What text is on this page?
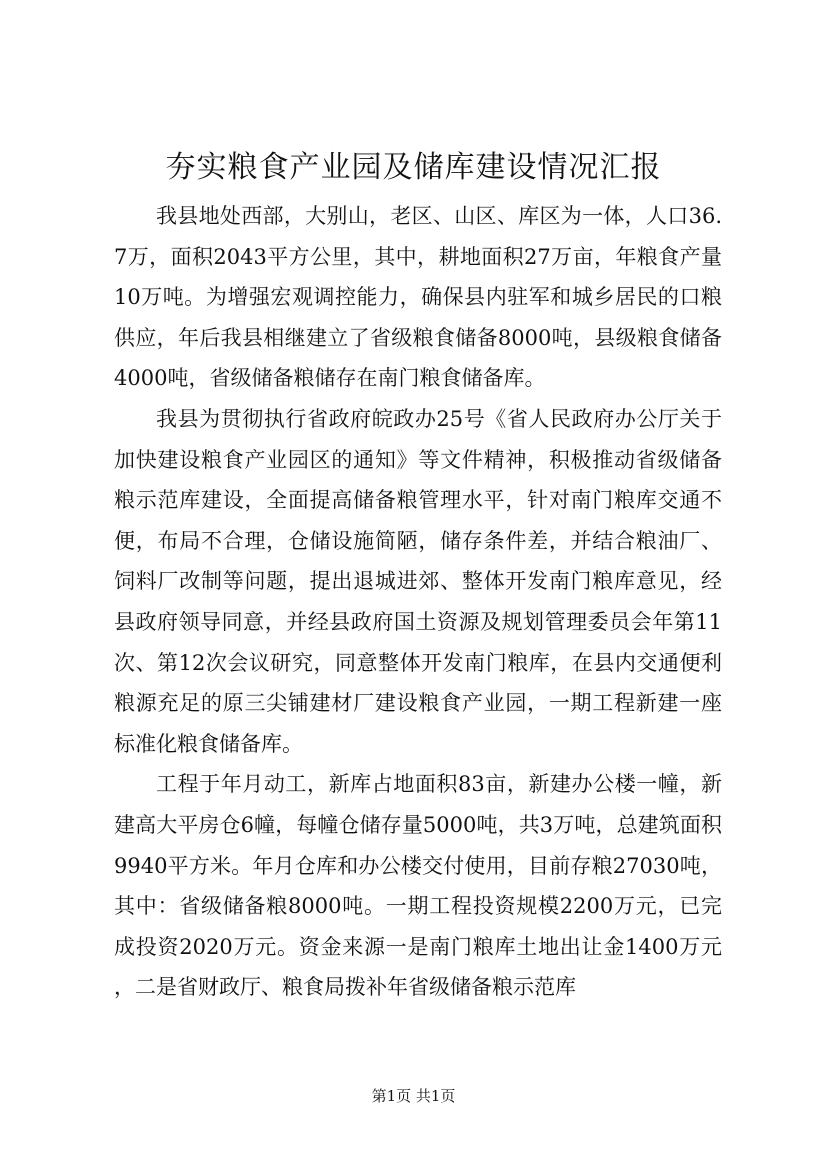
夯实粮食产业园及储库建设情况汇报

我县地处西部，大别山，老区、山区、库区为一体，人口36.7万，面积2043平方公里，其中，耕地面积27万亩，年粮食产量10万吨。为增强宏观调控能力，确保县内驻军和城乡居民的口粮供应，年后我县相继建立了省级粮食储备8000吨，县级粮食储备4000吨，省级储备粮储存在南门粮食储备库。

我县为贯彻执行省政府皖政办25号《省人民政府办公厅关于加快建设粮食产业园区的通知》等文件精神，积极推动省级储备粮示范库建设，全面提高储备粮管理水平，针对南门粮库交通不便，布局不合理，仓储设施简陋，储存条件差，并结合粮油厂、饲料厂改制等问题，提出退城进郊、整体开发南门粮库意见，经县政府领导同意，并经县政府国土资源及规划管理委员会年第11次、第12次会议研究，同意整体开发南门粮库，在县内交通便利粮源充足的原三尖铺建材厂建设粮食产业园，一期工程新建一座标准化粮食储备库。

工程于年月动工，新库占地面积83亩，新建办公楼一幢，新建高大平房仓6幢，每幢仓储存量5000吨，共3万吨，总建筑面积9940平方米。年月仓库和办公楼交付使用，目前存粮27030吨，其中：省级储备粮8000吨。一期工程投资规模2200万元，已完成投资2020万元。资金来源一是南门粮库土地出让金1400万元，二是省财政厅、粮食局拨补年省级储备粮示范库

第1页 共1页
